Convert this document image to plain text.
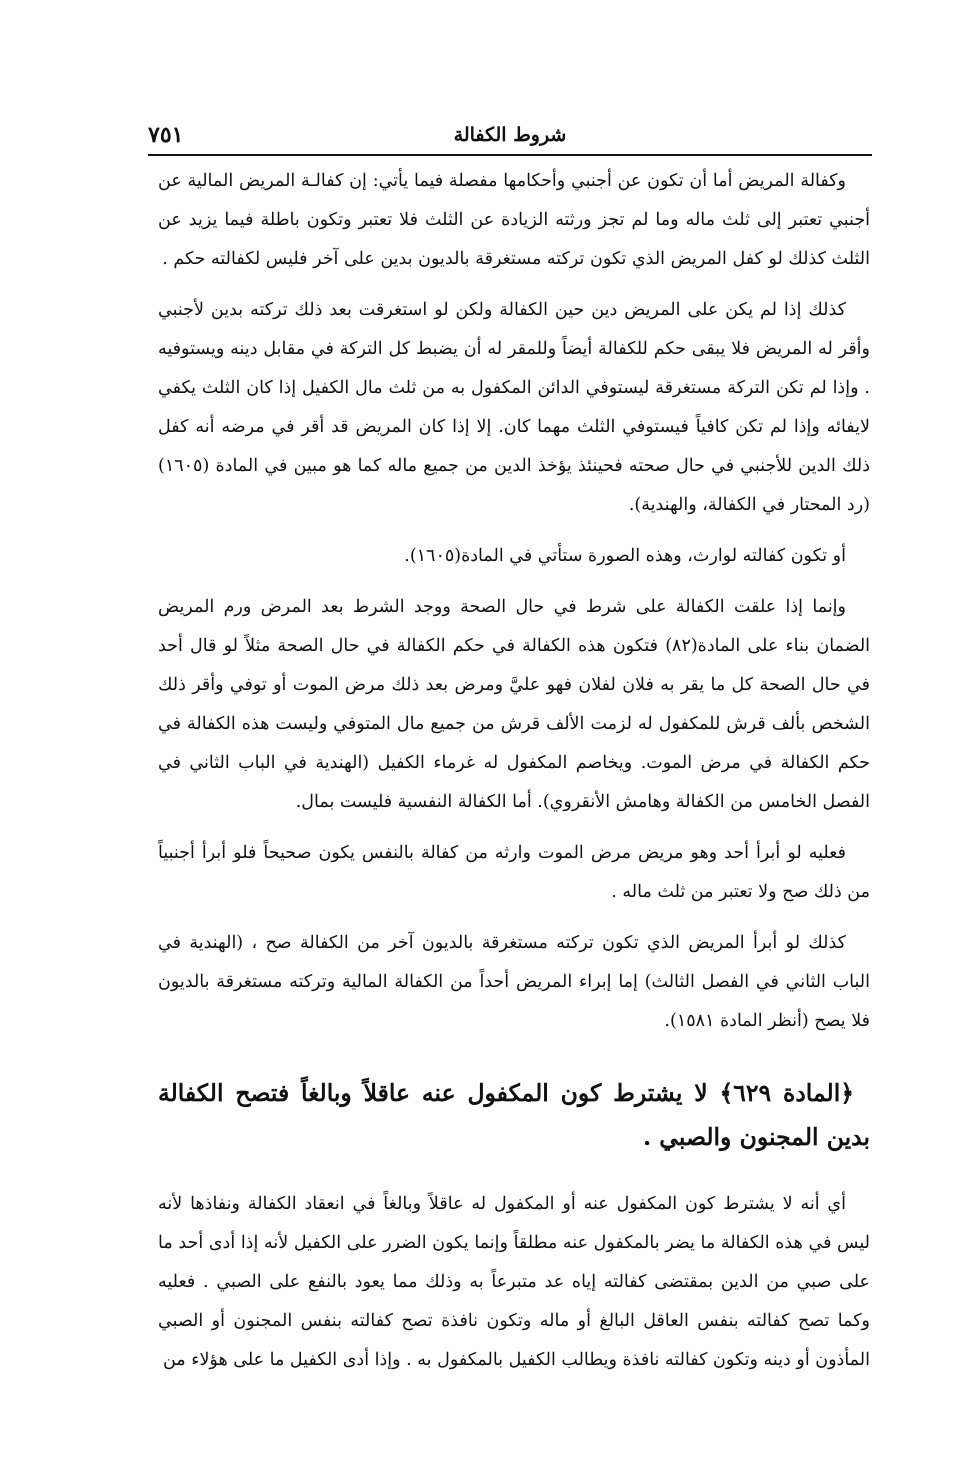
٧٥١	شروط الكفالة

وكفالة المريض أما أن تكون عن أجنبي وأحكامها مفصلة فيما يأتي: إن كفالـة المريض المالية عن أجنبي تعتبر إلى ثلث ماله وما لم تجز ورثته الزيادة عن الثلث فلا تعتبر وتكون باطلة فيما يزيد عن الثلث كذلك لو كفل المريض الذي تكون تركته مستغرقة بالديون بدين على آخر فليس لكفالته حكم .

كذلك إذا لم يكن على المريض دين حين الكفالة ولكن لو استغرقت بعد ذلك تركته بدين لأجنبي وأقر له المريض فلا يبقى حكم للكفالة أيضاً وللمقر له أن يضبط كل التركة في مقابل دينه ويستوفيه . وإذا لم تكن التركة مستغرقة ليستوفي الدائن المكفول به من ثلث مال الكفيل إذا كان الثلث يكفي لايفائه وإذا لم تكن كافياً فيستوفي الثلث مهما كان. إلا إذا كان المريض قد أقر في مرضه أنه كفل ذلك الدين للأجنبي في حال صحته فحينئذ يؤخذ الدين من جميع ماله كما هو مبين في المادة (١٦٠٥) (رد المحتار في الكفالة، والهندية).

أو تكون كفالته لوارث، وهذه الصورة ستأتي في المادة(١٦٠٥).

وإنما إذا علقت الكفالة على شرط في حال الصحة ووجد الشرط بعد المرض ورم المريض الضمان بناء على المادة(٨٢) فتكون هذه الكفالة في حكم الكفالة في حال الصحة مثلاً لو قال أحد في حال الصحة كل ما يقر به فلان لفلان فهو عليَّ ومرض بعد ذلك مرض الموت أو توفي وأقر ذلك الشخص بألف قرش للمكفول له لزمت الألف قرش من جميع مال المتوفي وليست هذه الكفالة في حكم الكفالة في مرض الموت. ويخاصم المكفول له غرماء الكفيل (الهندية في الباب الثاني في الفصل الخامس من الكفالة وهامش الأنقروي). أما الكفالة النفسية فليست بمال.

فعليه لو أبرأ أحد وهو مريض مرض الموت وارثه من كفالة بالنفس يكون صحيحاً فلو أبرأ أجنبياً من ذلك صح ولا تعتبر من ثلث ماله .

كذلك لو أبرأ المريض الذي تكون تركته مستغرقة بالديون آخر من الكفالة صح ، (الهندية في الباب الثاني في الفصل الثالث) إما إبراء المريض أحداً من الكفالة المالية وتركته مستغرقة بالديون فلا يصح (أنظر المادة ١٥٨١).

﴿المادة ٦٢٩﴾ لا يشترط كون المكفول عنه عاقلاً وبالغاً فتصح الكفالة بدين المجنون والصبي .

أي أنه لا يشترط كون المكفول عنه أو المكفول له عاقلاً وبالغاً في انعقاد الكفالة ونفاذها لأنه ليس في هذه الكفالة ما يضر بالمكفول عنه مطلقاً وإنما يكون الضرر على الكفيل لأنه إذا أدى أحد ما على صبي من الدين بمقتضى كفالته إياه عد متبرعاً به وذلك مما يعود بالنفع على الصبي . فعليه وكما تصح كفالته بنفس العاقل البالغ أو ماله وتكون نافذة تصح كفالته بنفس المجنون أو الصبي المأذون أو دينه وتكون كفالته نافذة ويطالب الكفيل بالمكفول به . وإذا أدى الكفيل ما على هؤلاء من
